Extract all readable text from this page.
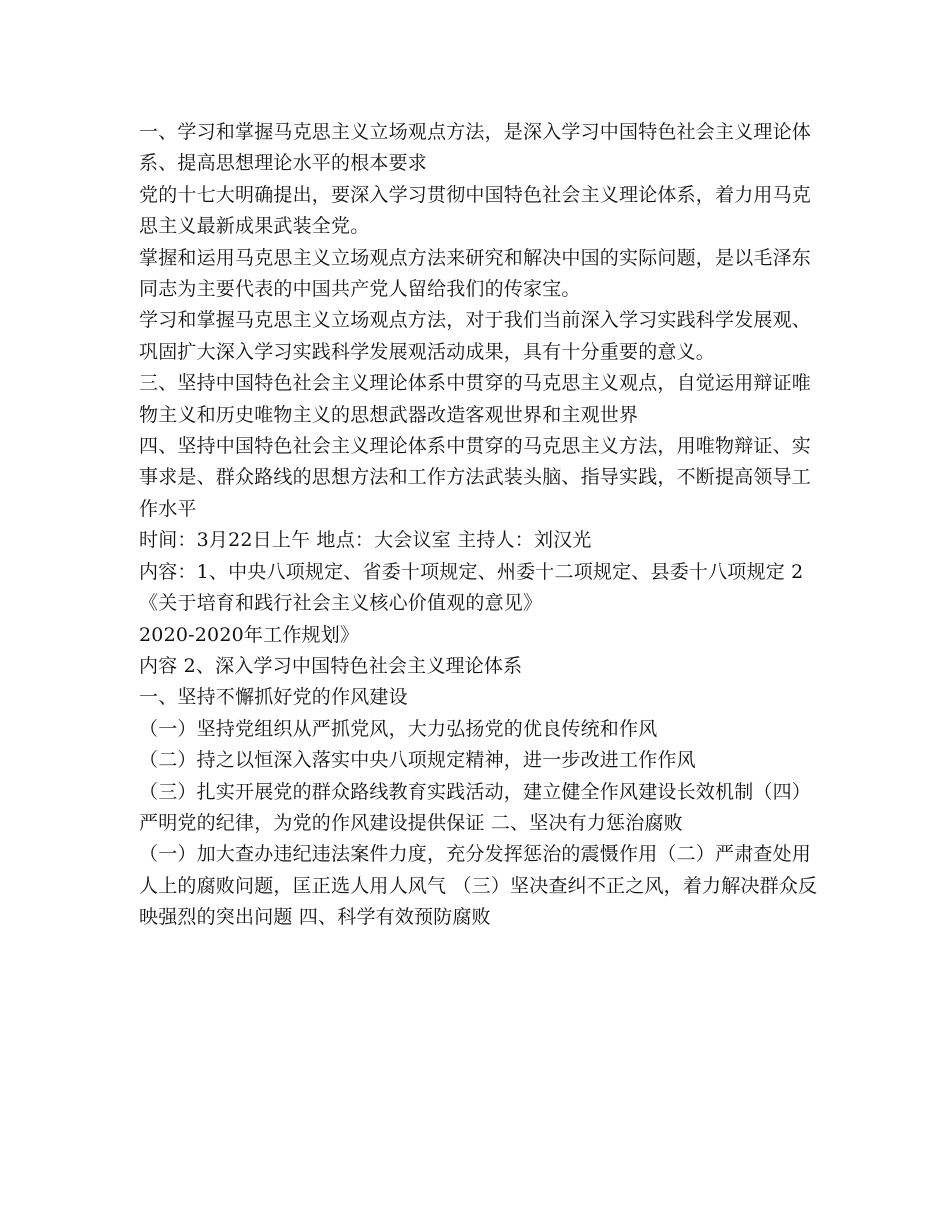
一、学习和掌握马克思主义立场观点方法，是深入学习中国特色社会主义理论体系、提高思想理论水平的根本要求

党的十七大明确提出，要深入学习贯彻中国特色社会主义理论体系，着力用马克思主义最新成果武装全党。

掌握和运用马克思主义立场观点方法来研究和解决中国的实际问题，是以毛泽东同志为主要代表的中国共产党人留给我们的传家宝。

学习和掌握马克思主义立场观点方法，对于我们当前深入学习实践科学发展观、巩固扩大深入学习实践科学发展观活动成果，具有十分重要的意义。

三、坚持中国特色社会主义理论体系中贯穿的马克思主义观点，自觉运用辩证唯物主义和历史唯物主义的思想武器改造客观世界和主观世界

四、坚持中国特色社会主义理论体系中贯穿的马克思主义方法，用唯物辩证、实事求是、群众路线的思想方法和工作方法武装头脑、指导实践，不断提高领导工作水平

时间：3月22日上午 地点：大会议室 主持人：刘汉光

内容：1、中央八项规定、省委十项规定、州委十二项规定、县委十八项规定 2《关于培育和践行社会主义核心价值观的意见》

2020-2020年工作规划》

内容 2、深入学习中国特色社会主义理论体系

一、坚持不懈抓好党的作风建设

（一）坚持党组织从严抓党风，大力弘扬党的优良传统和作风

（二）持之以恒深入落实中央八项规定精神，进一步改进工作作风

（三）扎实开展党的群众路线教育实践活动，建立健全作风建设长效机制（四）严明党的纪律，为党的作风建设提供保证 二、坚决有力惩治腐败

（一）加大查办违纪违法案件力度，充分发挥惩治的震慑作用（二）严肃查处用人上的腐败问题，匡正选人用人风气 （三）坚决查纠不正之风，着力解决群众反映强烈的突出问题 四、科学有效预防腐败
